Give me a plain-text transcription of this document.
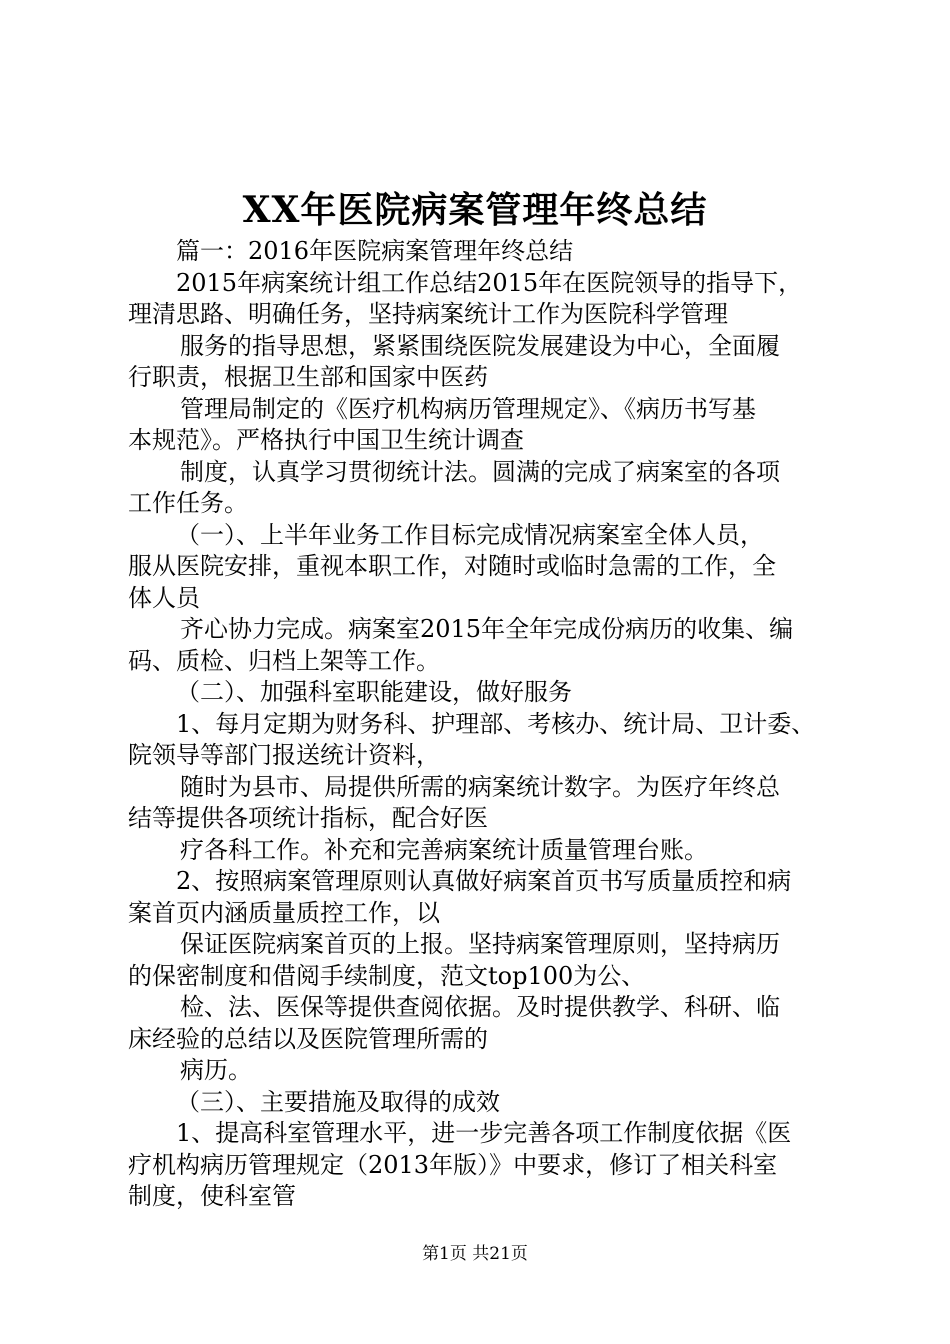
XX年医院病案管理年终总结
篇一：2016年医院病案管理年终总结
2015年病案统计组工作总结2015年在医院领导的指导下，
理清思路、明确任务，坚持病案统计工作为医院科学管理
服务的指导思想，紧紧围绕医院发展建设为中心，全面履
行职责，根据卫生部和国家中医药
管理局制定的《医疗机构病历管理规定》、《病历书写基
本规范》。严格执行中国卫生统计调查
制度，认真学习贯彻统计法。圆满的完成了病案室的各项
工作任务。
（一）、上半年业务工作目标完成情况病案室全体人员，
服从医院安排，重视本职工作，对随时或临时急需的工作，全
体人员
齐心协力完成。病案室2015年全年完成份病历的收集、编
码、质检、归档上架等工作。
（二）、加强科室职能建设，做好服务
1、每月定期为财务科、护理部、考核办、统计局、卫计委、
院领导等部门报送统计资料，
随时为县市、局提供所需的病案统计数字。为医疗年终总
结等提供各项统计指标，配合好医
疗各科工作。补充和完善病案统计质量管理台账。
2、按照病案管理原则认真做好病案首页书写质量质控和病
案首页内涵质量质控工作，以
保证医院病案首页的上报。坚持病案管理原则，坚持病历
的保密制度和借阅手续制度，范文top100为公、
检、法、医保等提供查阅依据。及时提供教学、科研、临
床经验的总结以及医院管理所需的
病历。
（三）、主要措施及取得的成效
1、提高科室管理水平，进一步完善各项工作制度依据《医
疗机构病历管理规定（2013年版）》中要求，修订了相关科室
制度，使科室管
第1页 共21页
